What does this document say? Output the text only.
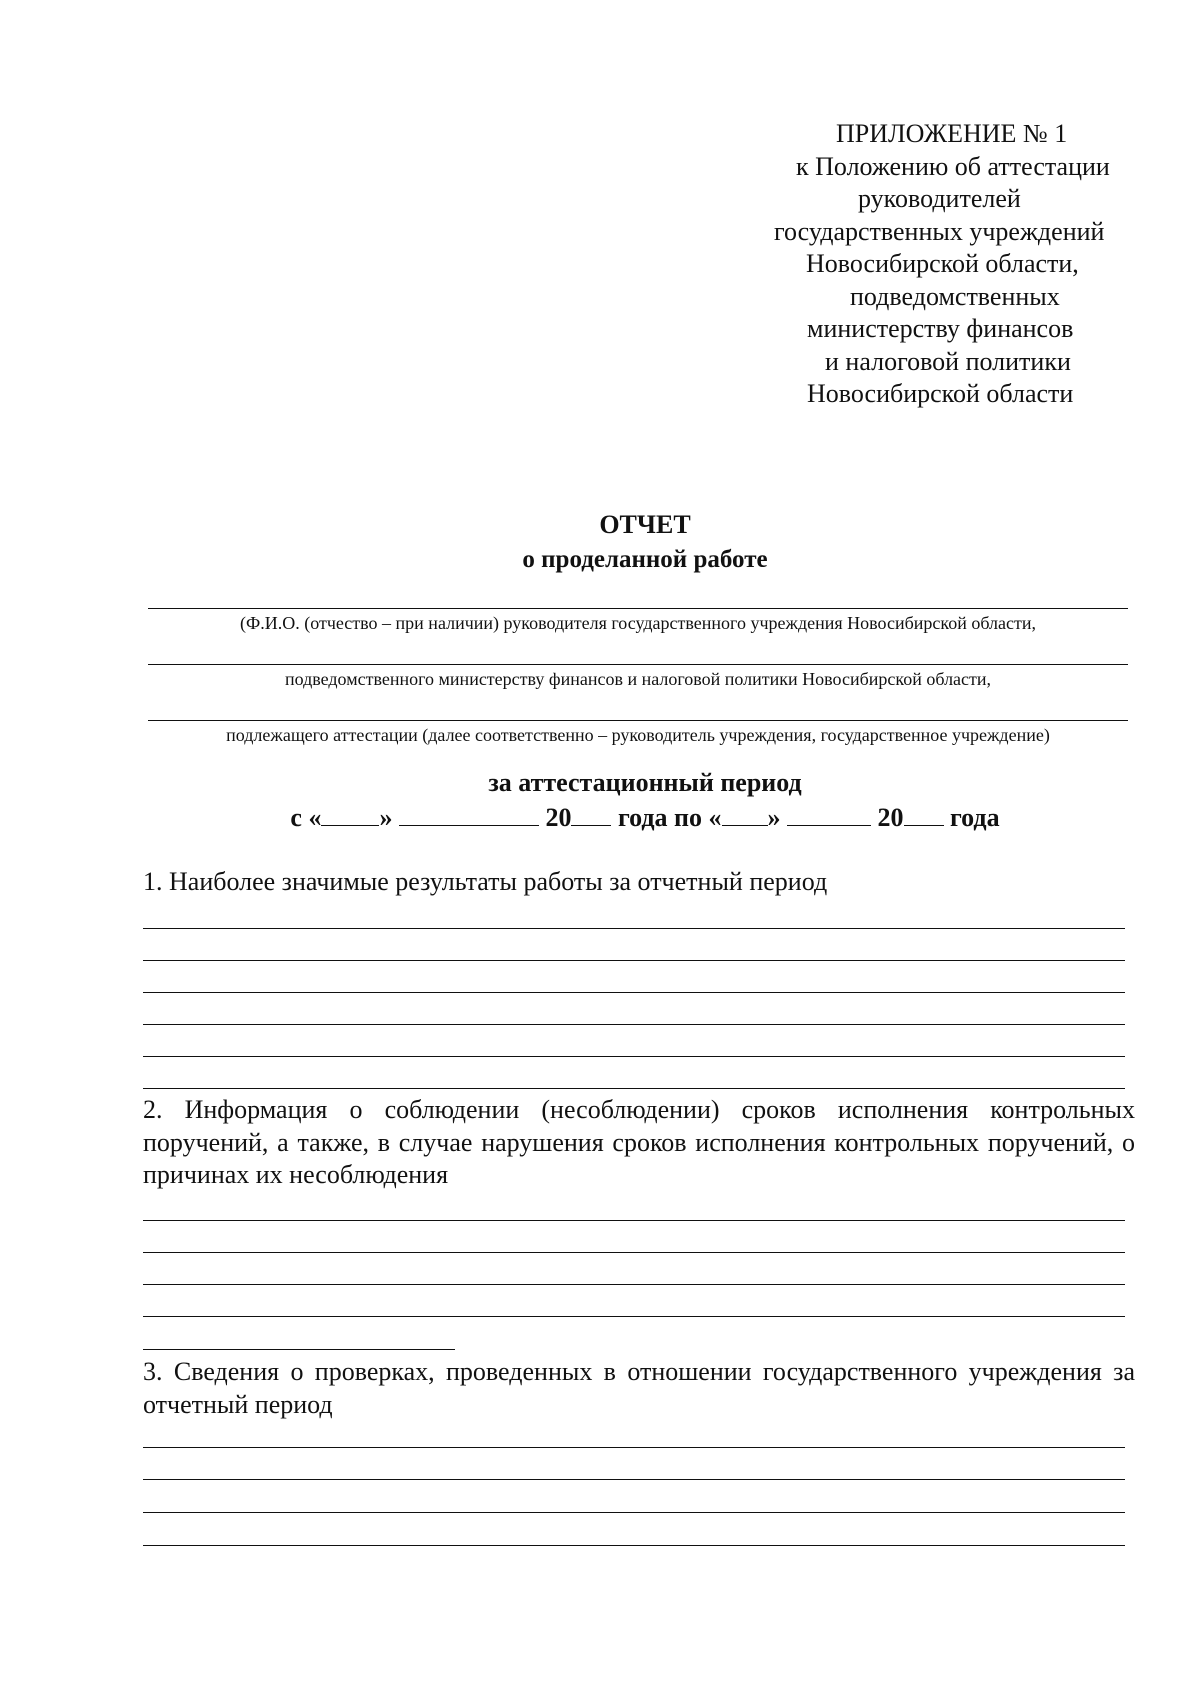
ПРИЛОЖЕНИЕ № 1
к Положению об аттестации
руководителей
государственных учреждений
Новосибирской области,
подведомственных
министерству финансов
и налоговой политики
Новосибирской области
ОТЧЕТ
о проделанной работе
(Ф.И.О. (отчество – при наличии) руководителя государственного учреждения Новосибирской области,
подведомственного министерству финансов и налоговой политики Новосибирской области,
подлежащего аттестации (далее соответственно – руководитель учреждения, государственное учреждение)
за аттестационный период
с « »	20 года по « »	20 года
1. Наиболее значимые результаты работы за отчетный период
2. Информация о соблюдении (несоблюдении) сроков исполнения контрольных поручений, а также, в случае нарушения сроков исполнения контрольных поручений, о причинах их несоблюдения
3. Сведения о проверках, проведенных в отношении государственного учреждения за отчетный период
